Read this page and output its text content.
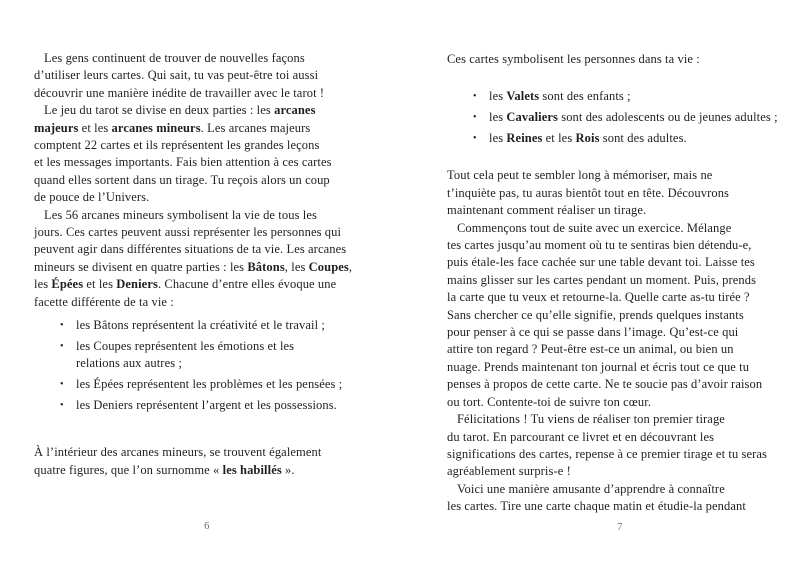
Les gens continuent de trouver de nouvelles façons
d’utiliser leurs cartes. Qui sait, tu vas peut-être toi aussi
découvrir une manière inédite de travailler avec le tarot !

Le jeu du tarot se divise en deux parties : les arcanes
majeurs et les arcanes mineurs. Les arcanes majeurs
comptent 22 cartes et ils représentent les grandes leçons
et les messages importants. Fais bien attention à ces cartes
quand elles sortent dans un tirage. Tu reçois alors un coup
de pouce de l’Univers.

Les 56 arcanes mineurs symbolisent la vie de tous les
jours. Ces cartes peuvent aussi représenter les personnes qui
peuvent agir dans différentes situations de ta vie. Les arcanes
mineurs se divisent en quatre parties : les Bâtons, les Coupes,
les Épées et les Deniers. Chacune d’entre elles évoque une
facette différente de ta vie :

• les Bâtons représentent la créativité et le travail ;
• les Coupes représentent les émotions et les
relations aux autres ;
• les Épées représentent les problèmes et les pensées ;
• les Deniers représentent l’argent et les possessions.

À l’intérieur des arcanes mineurs, se trouvent également
quatre figures, que l’on surnomme « les habillés ».

6

Ces cartes symbolisent les personnes dans ta vie :

• les Valets sont des enfants ;
• les Cavaliers sont des adolescents ou de jeunes adultes ;
• les Reines et les Rois sont des adultes.

Tout cela peut te sembler long à mémoriser, mais ne
t’inquiète pas, tu auras bientôt tout en tête. Découvrons
maintenant comment réaliser un tirage.

Commençons tout de suite avec un exercice. Mélange
tes cartes jusqu’au moment où tu te sentiras bien détendu-e,
puis étale-les face cachée sur une table devant toi. Laisse tes
mains glisser sur les cartes pendant un moment. Puis, prends
la carte que tu veux et retourne-la. Quelle carte as-tu tirée ?
Sans chercher ce qu’elle signifie, prends quelques instants
pour penser à ce qui se passe dans l’image. Qu’est-ce qui
attire ton regard ? Peut-être est-ce un animal, ou bien un
nuage. Prends maintenant ton journal et écris tout ce que tu
penses à propos de cette carte. Ne te soucie pas d’avoir raison
ou tort. Contente-toi de suivre ton cœur.

Félicitations ! Tu viens de réaliser ton premier tirage
du tarot. En parcourant ce livret et en découvrant les
significations des cartes, repense à ce premier tirage et tu seras
agréablement surpris-e !

Voici une manière amusante d’apprendre à connaître
les cartes. Tire une carte chaque matin et étudie-la pendant

7
